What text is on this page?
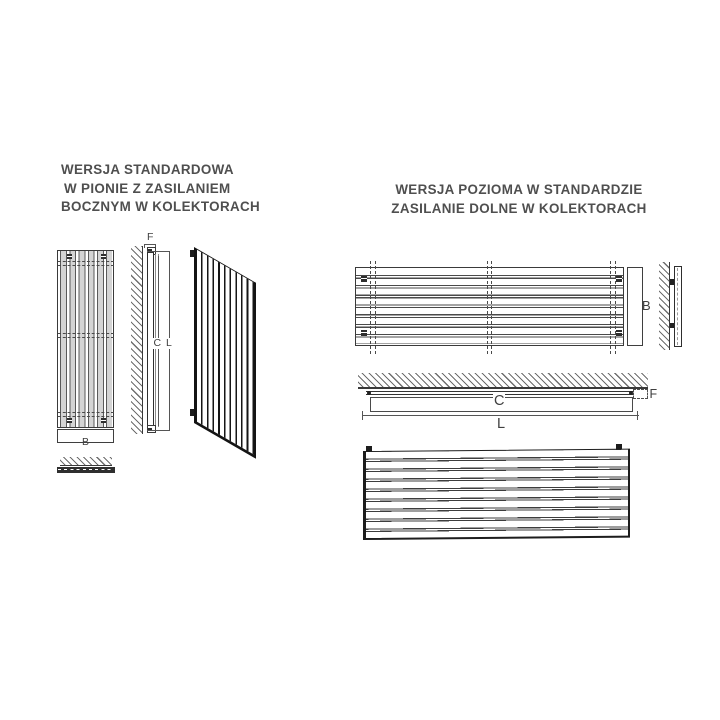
WERSJA STANDARDOWA
W PIONIE Z ZASILANIEM
BOCZNYM W KOLEKTORACH
B
F
C L
WERSJA POZIOMA W STANDARDZIE
ZASILANIE DOLNE W KOLEKTORACH
B
C
L
F
